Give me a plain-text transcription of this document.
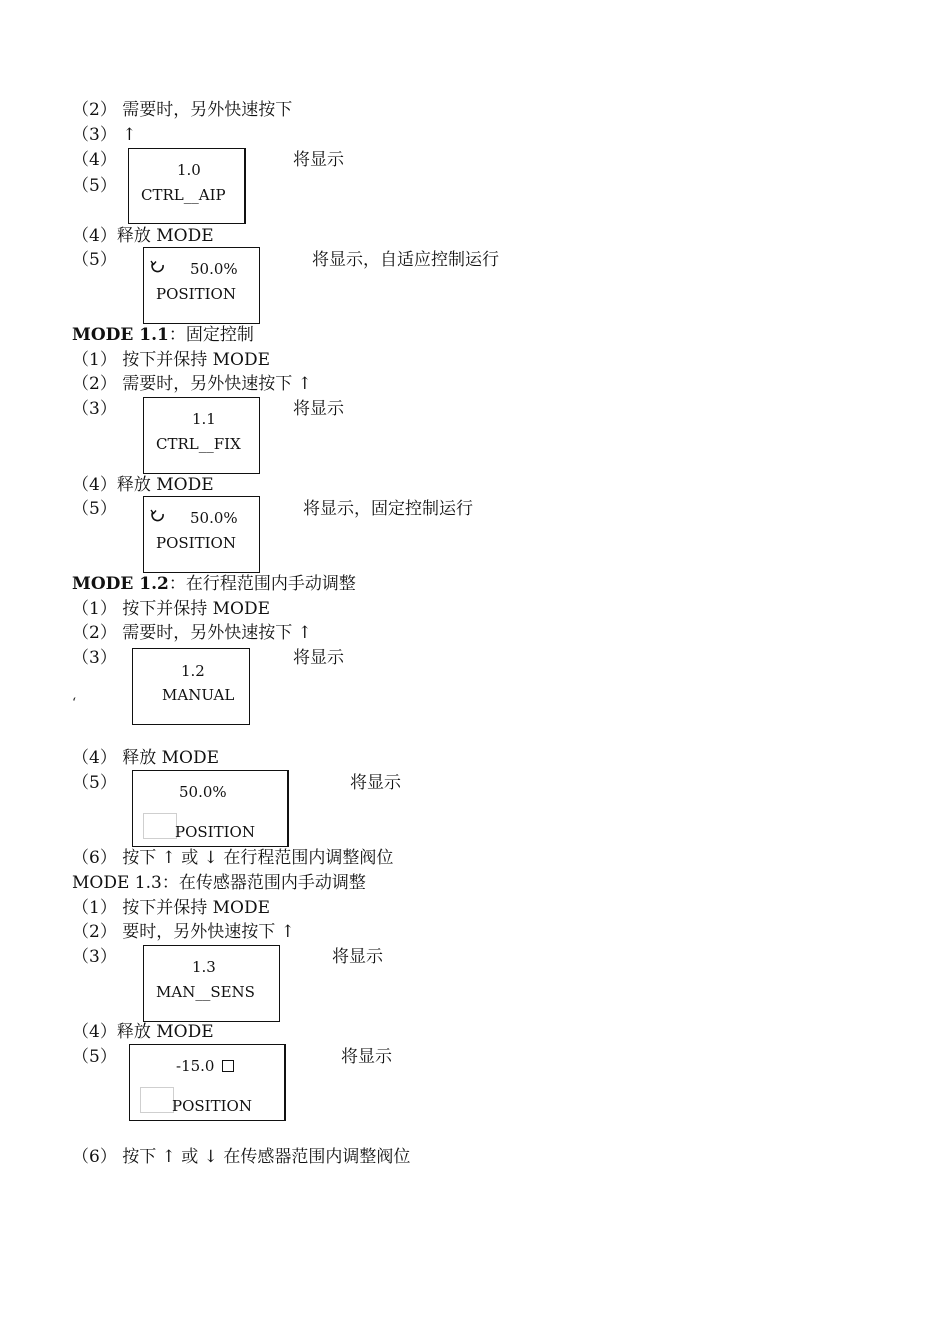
（2） 需要时，另外快速按下
（3） ↑
（4）
（5）
1.0
CTRL__AIP
将显示
（4）释放 MODE
（5）	50.0%
POSITION
将显示，自适应控制运行
MODE 1.1：固定控制
（1） 按下并保持 MODE
（2） 需要时，另外快速按下 ↑
（3）	1.1
CTRL__FIX
将显示
（4）释放 MODE
（5）	50.0%
POSITION
将显示，固定控制运行
MODE 1.2：在行程范围内手动调整
（1） 按下并保持 MODE
（2） 需要时，另外快速按下 ↑
（3）
‘
1.2
MANUAL
将显示
（4） 释放 MODE
（5）	50.0%
POSITION
将显示
（6） 按下 ↑ 或 ↓ 在行程范围内调整阀位
MODE 1.3：在传感器范围内手动调整
（1） 按下并保持 MODE
（2） 要时，另外快速按下 ↑
（3）	1.3
MAN__SENS
将显示
（4）释放 MODE
（5）	-15.0
POSITION
将显示
（6） 按下 ↑ 或 ↓ 在传感器范围内调整阀位
